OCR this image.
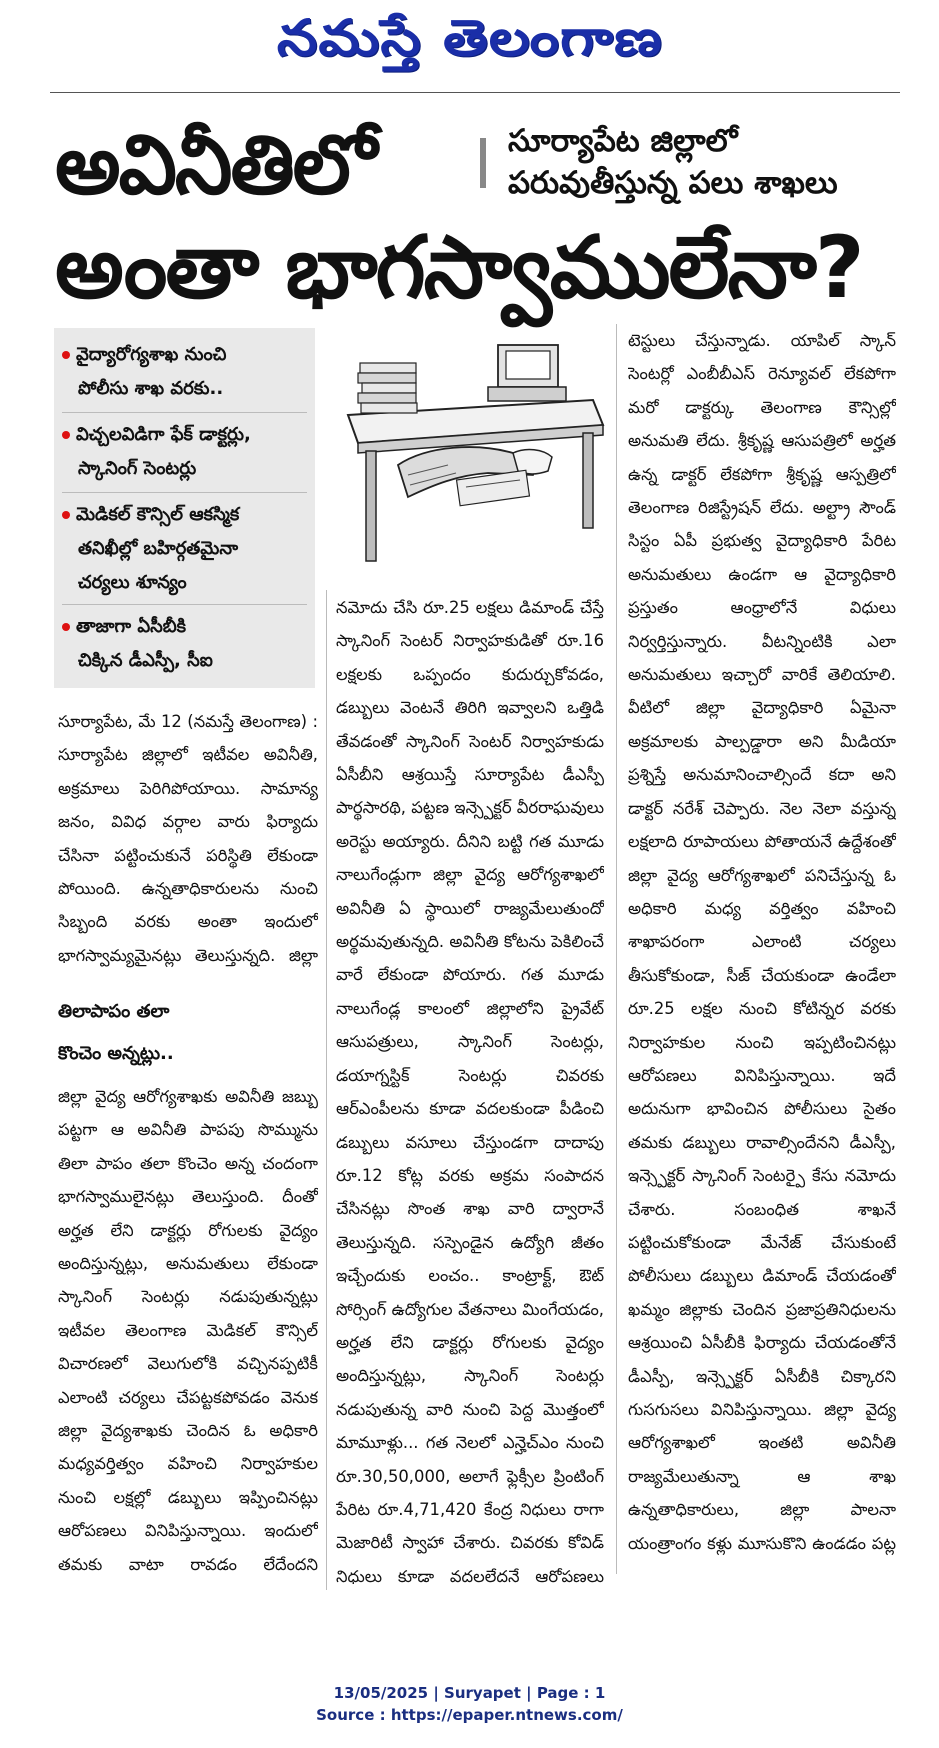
నమస్తే తెలంగాణ
అవినీతిలో	సూర్యాపేట జిల్లాలో
పరువుతీస్తున్న పలు శాఖలు
అంతా భాగస్వాములేనా?
వైద్యారోగ్యశాఖ నుంచి
పోలీసు శాఖ వరకు..
విచ్చలవిడిగా ఫేక్ డాక్టర్లు,
స్కానింగ్ సెంటర్లు
మెడికల్ కౌన్సిల్ ఆకస్మిక
తనిఖీల్లో బహిర్గతమైనా
చర్యలు శూన్యం
తాజాగా ఏసీబీకి
చిక్కిన డీఎస్పీ, సీఐ

సూర్యాపేట, మే 12 (నమస్తే తెలంగాణ) : సూర్యాపేట జిల్లాలో ఇటీవల అవినీతి, అక్రమాలు పెరిగిపోయాయి. సామాన్య జనం, వివిధ వర్గాల వారు ఫిర్యాదు చేసినా పట్టించుకునే పరిస్థితి లేకుండా పోయింది. ఉన్నతాధికారులను నుంచి సిబ్బంది వరకు అంతా ఇందులో భాగస్వామ్యమైనట్లు తెలుస్తున్నది. జిల్లా

తిలాపాపం తలా
కొంచెం అన్నట్లు..

జిల్లా వైద్య ఆరోగ్యశాఖకు అవినీతి జబ్బు పట్టగా ఆ అవినీతి పాపపు సొమ్మును తిలా పాపం తలా కొంచెం అన్న చందంగా భాగస్వాములైనట్లు తెలుస్తుంది. దీంతో అర్హత లేని డాక్టర్లు రోగులకు వైద్యం అందిస్తున్నట్లు, అనుమతులు లేకుండా స్కానింగ్ సెంటర్లు నడుపుతున్నట్లు ఇటీవల తెలంగాణ మెడికల్ కౌన్సిల్ విచారణలో వెలుగులోకి వచ్చినప్పటికీ ఎలాంటి చర్యలు చేపట్టకపోవడం వెనుక జిల్లా వైద్యశాఖకు చెందిన ఓ అధికారి మధ్యవర్తిత్వం వహించి నిర్వాహకుల నుంచి లక్షల్లో డబ్బులు ఇప్పించినట్లు ఆరోపణలు వినిపిస్తున్నాయి. ఇందులో తమకు వాటా రావడం లేదేందని

నమోదు చేసి రూ.25 లక్షలు డిమాండ్ చేస్తే స్కానింగ్ సెంటర్ నిర్వాహకుడితో రూ.16 లక్షలకు ఒప్పందం కుదుర్చుకోవడం, డబ్బులు వెంటనే తిరిగి ఇవ్వాలని ఒత్తిడి తేవడంతో స్కానింగ్ సెంటర్ నిర్వాహకుడు ఏసీబీని ఆశ్రయిస్తే సూర్యాపేట డీఎస్పీ పార్థసారథి, పట్టణ ఇన్స్పెక్టర్ వీరరాఘవులు అరెస్టు అయ్యారు. దీనిని బట్టి గత మూడు నాలుగేండ్లుగా జిల్లా వైద్య ఆరోగ్యశాఖలో అవినీతి ఏ స్థాయిలో రాజ్యమేలుతుందో అర్థమవుతున్నది. అవినీతి కోటను పెకిలించే వారే లేకుండా పోయారు. గత మూడు నాలుగేండ్ల కాలంలో జిల్లాలోని ప్రైవేట్ ఆసుపత్రులు, స్కానింగ్ సెంటర్లు, డయాగ్నస్టిక్ సెంటర్లు చివరకు ఆర్ఎంపీలను కూడా వదలకుండా పీడించి డబ్బులు వసూలు చేస్తుండగా దాదాపు రూ.12 కోట్ల వరకు అక్రమ సంపాదన చేసినట్లు సొంత శాఖ వారి ద్వారానే తెలుస్తున్నది. సస్పెండైన ఉద్యోగి జీతం ఇచ్చేందుకు లంచం.. కాంట్రాక్ట్, ఔట్ సోర్సింగ్ ఉద్యోగుల వేతనాలు మింగేయడం, అర్హత లేని డాక్టర్లు రోగులకు వైద్యం అందిస్తున్నట్లు, స్కానింగ్ సెంటర్లు నడుపుతున్న వారి నుంచి పెద్ద మొత్తంలో మామూళ్లు... గత నెలలో ఎన్హెచ్ఎం నుంచి రూ.30,50,000, అలాగే ఫ్లెక్సీల ప్రింటింగ్ పేరిట రూ.4,71,420 కేంద్ర నిధులు రాగా మెజారిటీ స్వాహా చేశారు. చివరకు కోవిడ్ నిధులు కూడా వదలలేదనే ఆరోపణలు

టెస్టులు చేస్తున్నాడు. యాపిల్ స్కాన్ సెంటర్లో ఎంబీబీఎస్ రెన్యూవల్ లేకపోగా మరో డాక్టర్కు తెలంగాణ కౌన్సిల్లో అనుమతి లేదు. శ్రీకృష్ణ ఆసుపత్రిలో అర్హత ఉన్న డాక్టర్ లేకపోగా శ్రీకృష్ణ ఆస్పత్రిలో తెలంగాణ రిజిస్ట్రేషన్ లేదు. అల్ట్రా సౌండ్ సిస్టం ఏపీ ప్రభుత్వ వైద్యాధికారి పేరిట అనుమతులు ఉండగా ఆ వైద్యాధికారి ప్రస్తుతం ఆంధ్రాలోనే విధులు నిర్వర్తిస్తున్నారు. వీటన్నింటికి ఎలా అనుమతులు ఇచ్చారో వారికే తెలియాలి. వీటిలో జిల్లా వైద్యాధికారి ఏమైనా అక్రమాలకు పాల్పడ్డారా అని మీడియా ప్రశ్నిస్తే అనుమానించాల్సిందే కదా అని డాక్టర్ నరేశ్ చెప్పారు. నెల నెలా వస్తున్న లక్షలాది రూపాయలు పోతాయనే ఉద్దేశంతో జిల్లా వైద్య ఆరోగ్యశాఖలో పనిచేస్తున్న ఓ అధికారి మధ్య వర్తిత్వం వహించి శాఖాపరంగా ఎలాంటి చర్యలు తీసుకోకుండా, సీజ్ చేయకుండా ఉండేలా రూ.25 లక్షల నుంచి కోటిన్నర వరకు నిర్వాహకుల నుంచి ఇప్పటించినట్లు ఆరోపణలు వినిపిస్తున్నాయి. ఇదే అదునుగా భావించిన పోలీసులు సైతం తమకు డబ్బులు రావాల్సిందేనని డీఎస్పీ, ఇన్స్పెక్టర్ స్కానింగ్ సెంటర్పై కేసు నమోదు చేశారు. సంబంధిత శాఖనే పట్టించుకోకుండా మేనేజ్ చేసుకుంటే పోలీసులు డబ్బులు డిమాండ్ చేయడంతో ఖమ్మం జిల్లాకు చెందిన ప్రజాప్రతినిధులను ఆశ్రయించి ఏసీబీకి ఫిర్యాదు చేయడంతోనే డీఎస్పీ, ఇన్స్పెక్టర్ ఏసీబీకి చిక్కారని గుసగుసలు వినిపిస్తున్నాయి. జిల్లా వైద్య ఆరోగ్యశాఖలో ఇంతటి అవినీతి రాజ్యమేలుతున్నా ఆ శాఖ ఉన్నతాధికారులు, జిల్లా పాలనా యంత్రాంగం కళ్లు మూసుకొని ఉండడం పట్ల

13/05/2025 | Suryapet | Page : 1
Source : https://epaper.ntnews.com/
